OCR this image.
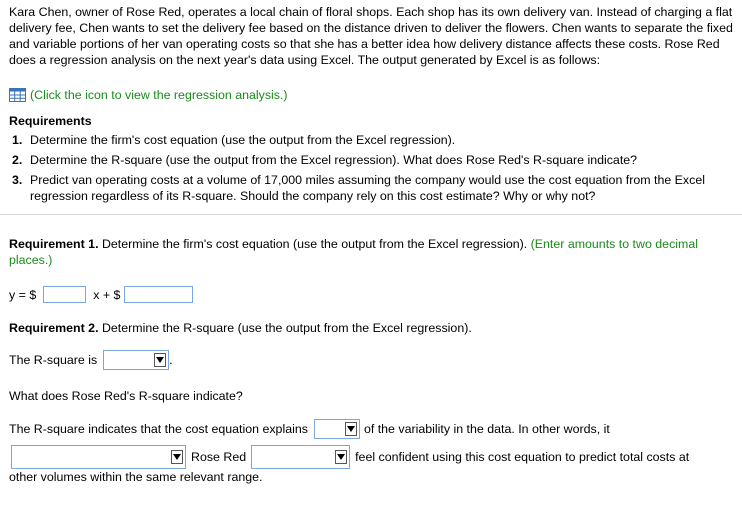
Kara Chen, owner of Rose Red, operates a local chain of floral shops. Each shop has its own delivery van. Instead of charging a flat delivery fee, Chen wants to set the delivery fee based on the distance driven to deliver the flowers. Chen wants to separate the fixed and variable portions of her van operating costs so that she has a better idea how delivery distance affects these costs. Rose Red does a regression analysis on the next year's data using Excel. The output generated by Excel is as follows:
(Click the icon to view the regression analysis.)
Requirements
1. Determine the firm's cost equation (use the output from the Excel regression).
2. Determine the R-square (use the output from the Excel regression). What does Rose Red's R-square indicate?
3. Predict van operating costs at a volume of 17,000 miles assuming the company would use the cost equation from the Excel regression regardless of its R-square. Should the company rely on this cost estimate? Why or why not?
Requirement 1. Determine the firm's cost equation (use the output from the Excel regression). (Enter amounts to two decimal places.)
y = $	x + $
Requirement 2. Determine the R-square (use the output from the Excel regression).
The R-square is	.
What does Rose Red's R-square indicate?
The R-square indicates that the cost equation explains	of the variability in the data. In other words, it
Rose Red	feel confident using this cost equation to predict total costs at
other volumes within the same relevant range.
